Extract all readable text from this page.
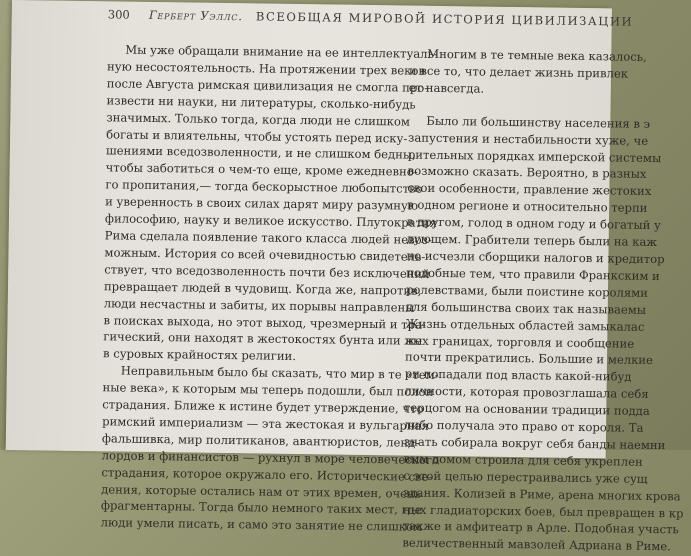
300 Герберт Уэллс. ВСЕОБЩАЯ МИРОВОЙ ИСТОРИЯ ЦИВИЛИЗАЦИИ
Мы уже обращали внимание на ее интеллектуаль-
ную несостоятельность. На протяжении трех веков
после Августа римская цивилизация не смогла про-
извести ни науки, ни литературы, сколько-нибудь
значимых. Только тогда, когда люди не слишком
богаты и влиятельны, чтобы устоять перед иску-
шениями вседозволенности, и не слишком бедны,
чтобы заботиться о чем-то еще, кроме ежедневно-
го пропитания,— тогда бескорыстное любопытство
и уверенность в своих силах дарят миру разумную
философию, науку и великое искусство. Плутократия
Рима сделала появление такого класса людей невоз-
можным. История со всей очевидностью свидетель-
ствует, что вседозволенность почти без исключений
превращает людей в чудовищ. Когда же, напротив,
люди несчастны и забиты, их порывы направлены
в поисках выхода, но этот выход, чрезмерный и тра-
гический, они находят в жестокостях бунта или же
в суровых крайностях религии.
Неправильным было бы сказать, что мир в те «тем-
ные века», к которым мы теперь подошли, был полон
страдания. Ближе к истине будет утверждение, что
римский империализм — эта жестокая и вульгарная
фальшивка, мир политиканов, авантюристов, ленд-
лордов и финансистов — рухнул в море человеческого
страдания, которое окружало его. Исторические све-
дения, которые остались нам от этих времен, очень
фрагментарны. Тогда было немного таких мест, где
люди умели писать, и само это занятие не слишком
Многим в те темные века казалось,
и все то, что делает жизнь привлек
ет навсегда.
Было ли большинству населения в э
запустения и нестабильности хуже, че
рительных порядках имперской системы
возможно сказать. Вероятно, в разных
свои особенности, правление жестоких
в одном регионе и относительно терпи
в другом, голод в одном году и богатый у
дующем. Грабители теперь были на каж
но исчезли сборщики налогов и кредитор
подобные тем, что правили Франкским и
ролевствами, были поистине королями
для большинства своих так называемы
Жизнь отдельных областей замыкалас
ных границах, торговля и сообщение
почти прекратились. Большие и мелкие
ри попадали под власть какой-нибуд
личности, которая провозглашала себя
герцогом на основании традиции подда
либо получала это право от короля. Та
знать собирала вокруг себя банды наемни
вым домом строила для себя укреплен
с этой целью перестраивались уже сущ
здания. Колизей в Риме, арена многих крова
ных гладиаторских боев, был превращен в кр
также и амфитеатр в Арле. Подобная участь
величественный мавзолей Адриана в Риме.
